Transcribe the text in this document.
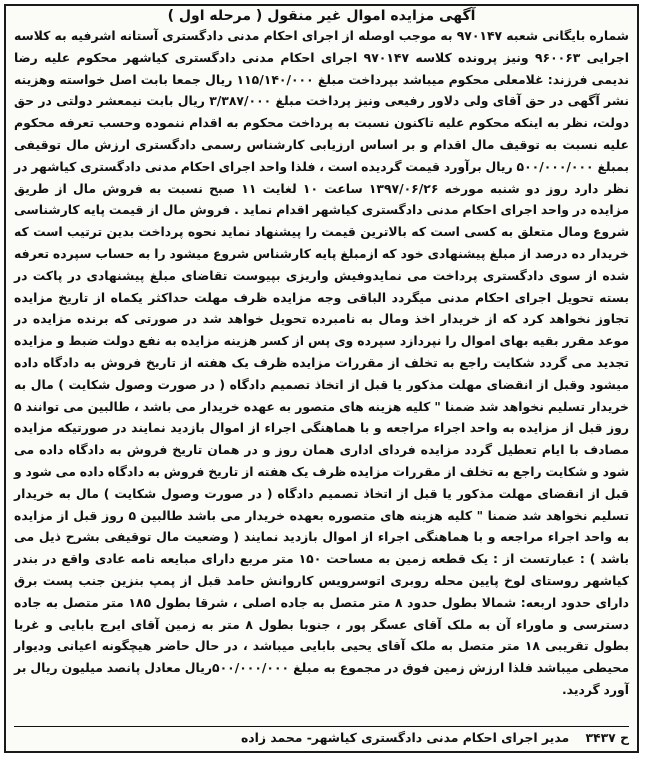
آگهی مزایده اموال غیر منقول ( مرحله اول )
شماره بایگانی شعبه ۹۷۰۱۴۷ به موجب اوصله از اجرای احکام مدنی دادگستری آستانه اشرفیه به کلاسه اجرایی ۹۶۰۰۶۳ ونیز پرونده کلاسه ۹۷۰۱۴۷ اجرای احکام مدنی دادگستری کیاشهر محکوم علیه رضا ندیمی فرزند: غلامعلی محکوم میباشد بپرداخت مبلغ ۱۱۵/۱۴۰/۰۰۰ ریال جمعا بابت اصل خواسته وهزینه نشر آگهی در حق آقای ولی دلاور رفیعی ونیز پرداخت مبلغ ۳/۳۸۷/۰۰۰ ریال بابت نیمعشر دولتی در حق دولت، نظر به اینکه محکوم علیه تاکنون نسبت به پرداخت محکوم به اقدام ننموده وحسب تعرفه محکوم علیه نسبت به توقیف مال اقدام و بر اساس ارزیابی کارشناس رسمی دادگستری ارزش مال توقیفی بمبلغ ۵۰۰/۰۰۰/۰۰۰ ریال برآورد قیمت گردیده است ، فلذا واحد اجرای احکام مدنی دادگستری کیاشهر در نظر دارد روز دو شنبه مورخه ۱۳۹۷/۰۶/۲۶ ساعت ۱۰ لغایت ۱۱ صبح نسبت به فروش مال از طریق مزایده در واحد اجرای احکام مدنی دادگستری کیاشهر اقدام نماید . فروش مال از قیمت پایه کارشناسی شروع ومال متعلق به کسی است که بالاترین قیمت را پیشنهاد نماید نحوه پرداخت بدین ترتیب است که خریدار ده درصد از مبلغ پیشنهادی خود که ازمبلغ پایه کارشناس شروع میشود را به حساب سپرده تعرفه شده از سوی دادگستری پرداخت می نمایدوفیش واریزی بپیوست تقاضای مبلغ پیشنهادی در پاکت در بسته تحویل اجرای احکام مدنی میگردد الباقی وجه مزایده ظرف مهلت حداکثر یکماه از تاریخ مزایده تجاوز نخواهد کرد که از خریدار اخذ ومال به نامبرده تحویل خواهد شد در صورتی که برنده مزایده در موعد مقرر بقیه بهای اموال را نپردازد سپرده وی پس از کسر هزینه مزایده به نفع دولت ضبط و مزایده تجدید می گردد شکایت راجع به تخلف از مقررات مزایده ظرف یک هفته از تاریخ فروش به دادگاه داده میشود وقبل از انقضای مهلت مذکور یا قبل از اتخاذ تصمیم دادگاه ( در صورت وصول شکایت ) مال به خریدار تسلیم نخواهد شد ضمنا " کلیه هزینه های متصور به عهده خریدار می باشد ، طالبین می توانند ۵ روز قبل از مزایده به واحد اجراء مراجعه و با هماهنگی اجراء از اموال بازدید نمایند در صورتیکه مزایده مصادف با ایام تعطیل گردد مزایده فردای اداری همان روز و در همان تاریخ فروش به دادگاه داده می شود و شکایت راجع به تخلف از مقررات مزایده ظرف یک هفته از تاریخ فروش به دادگاه داده می شود و قبل از انقضای مهلت مذکور یا قبل از اتخاذ تصمیم دادگاه ( در صورت وصول شکایت ) مال به خریدار تسلیم نخواهد شد ضمنا " کلیه هزینه های متصوره بعهده خریدار می باشد طالبین ۵ روز قبل از مزایده به واحد اجراء مراجعه و با هماهنگی اجراء از اموال بازدید نمایند ( وضعیت مال توقیفی بشرح ذیل می باشد ) : عبارتست از : یک قطعه زمین به مساحت ۱۵۰ متر مربع دارای مبایعه نامه عادی واقع در بندر کیاشهر روستای لوخ پایین محله روبری اتوسرویس کاروانش حامد قبل از پمپ بنزین جنب پست برق دارای حدود اربعه: شمالا بطول حدود ۸ متر متصل به جاده اصلی ، شرقا بطول ۱۸۵ متر متصل به جاده دسترسی و ماوراء آن به ملک آقای عسگر پور ، جنوبا بطول ۸ متر به زمین آقای ایرج بابایی و غربا بطول تقریبی ۱۸ متر متصل به ملک آقای یحیی بابایی میباشد ، در حال حاضر هیچگونه اعیانی ودیوار محیطی میباشد فلذا ارزش زمین فوق در مجموع به مبلغ ۵۰۰/۰۰۰/۰۰۰ریال معادل پانصد میلیون ریال بر آورد گردید.
ح ۳۴۳۷ مدیر اجرای احکام مدنی دادگستری کیاشهر- محمد زاده
